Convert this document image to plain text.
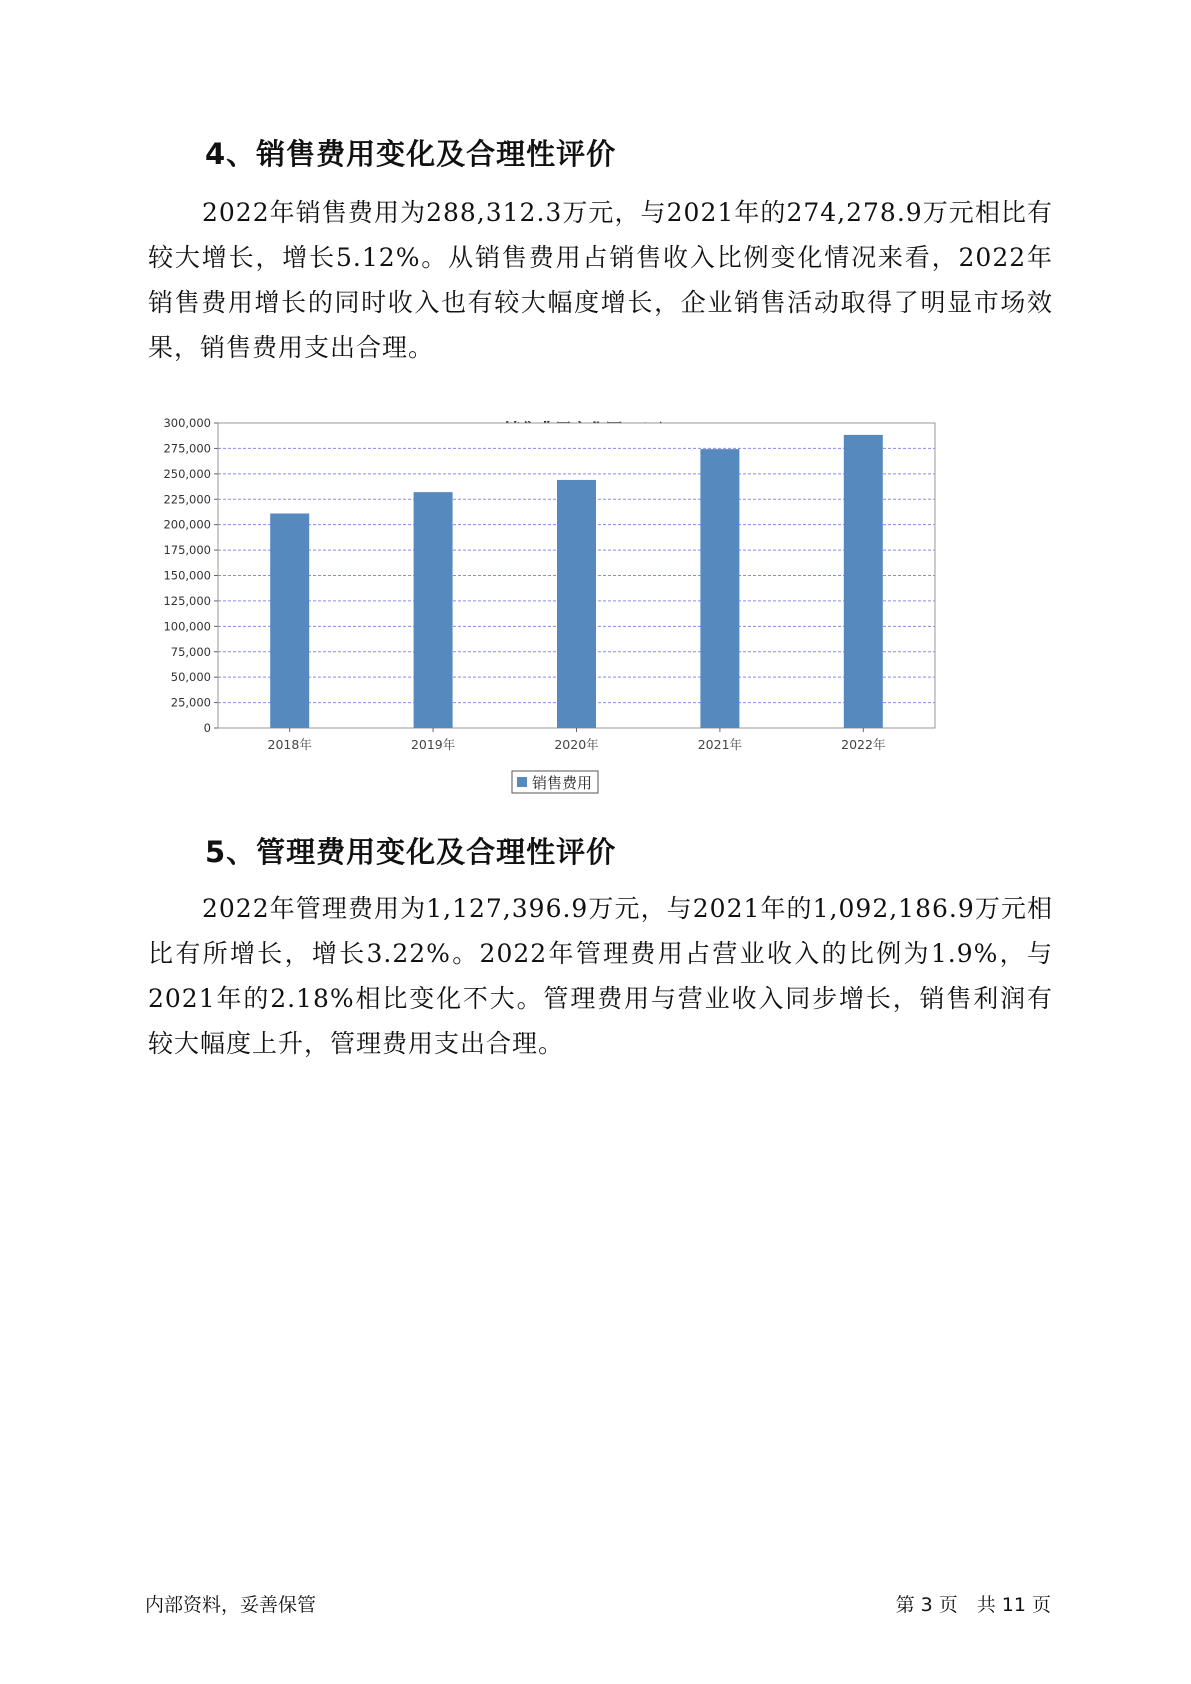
4、销售费用变化及合理性评价

2022年销售费用为288,312.3万元，与2021年的274,278.9万元相比有较大增长，增长5.12%。从销售费用占销售收入比例变化情况来看，2022年销售费用增长的同时收入也有较大幅度增长，企业销售活动取得了明显市场效果，销售费用支出合理。

0
25,000
50,000
75,000
100,000
125,000
150,000
175,000
200,000
225,000
250,000
275,000
300,000
2018年	2019年	2020年	2021年	2022年
销售费用
5、管理费用变化及合理性评价

2022年管理费用为1,127,396.9万元，与2021年的1,092,186.9万元相比有所增长，增长3.22%。2022年管理费用占营业收入的比例为1.9%，与2021年的2.18%相比变化不大。管理费用与营业收入同步增长，销售利润有较大幅度上升，管理费用支出合理。

内部资料，妥善保管	第 3 页　共 11 页
